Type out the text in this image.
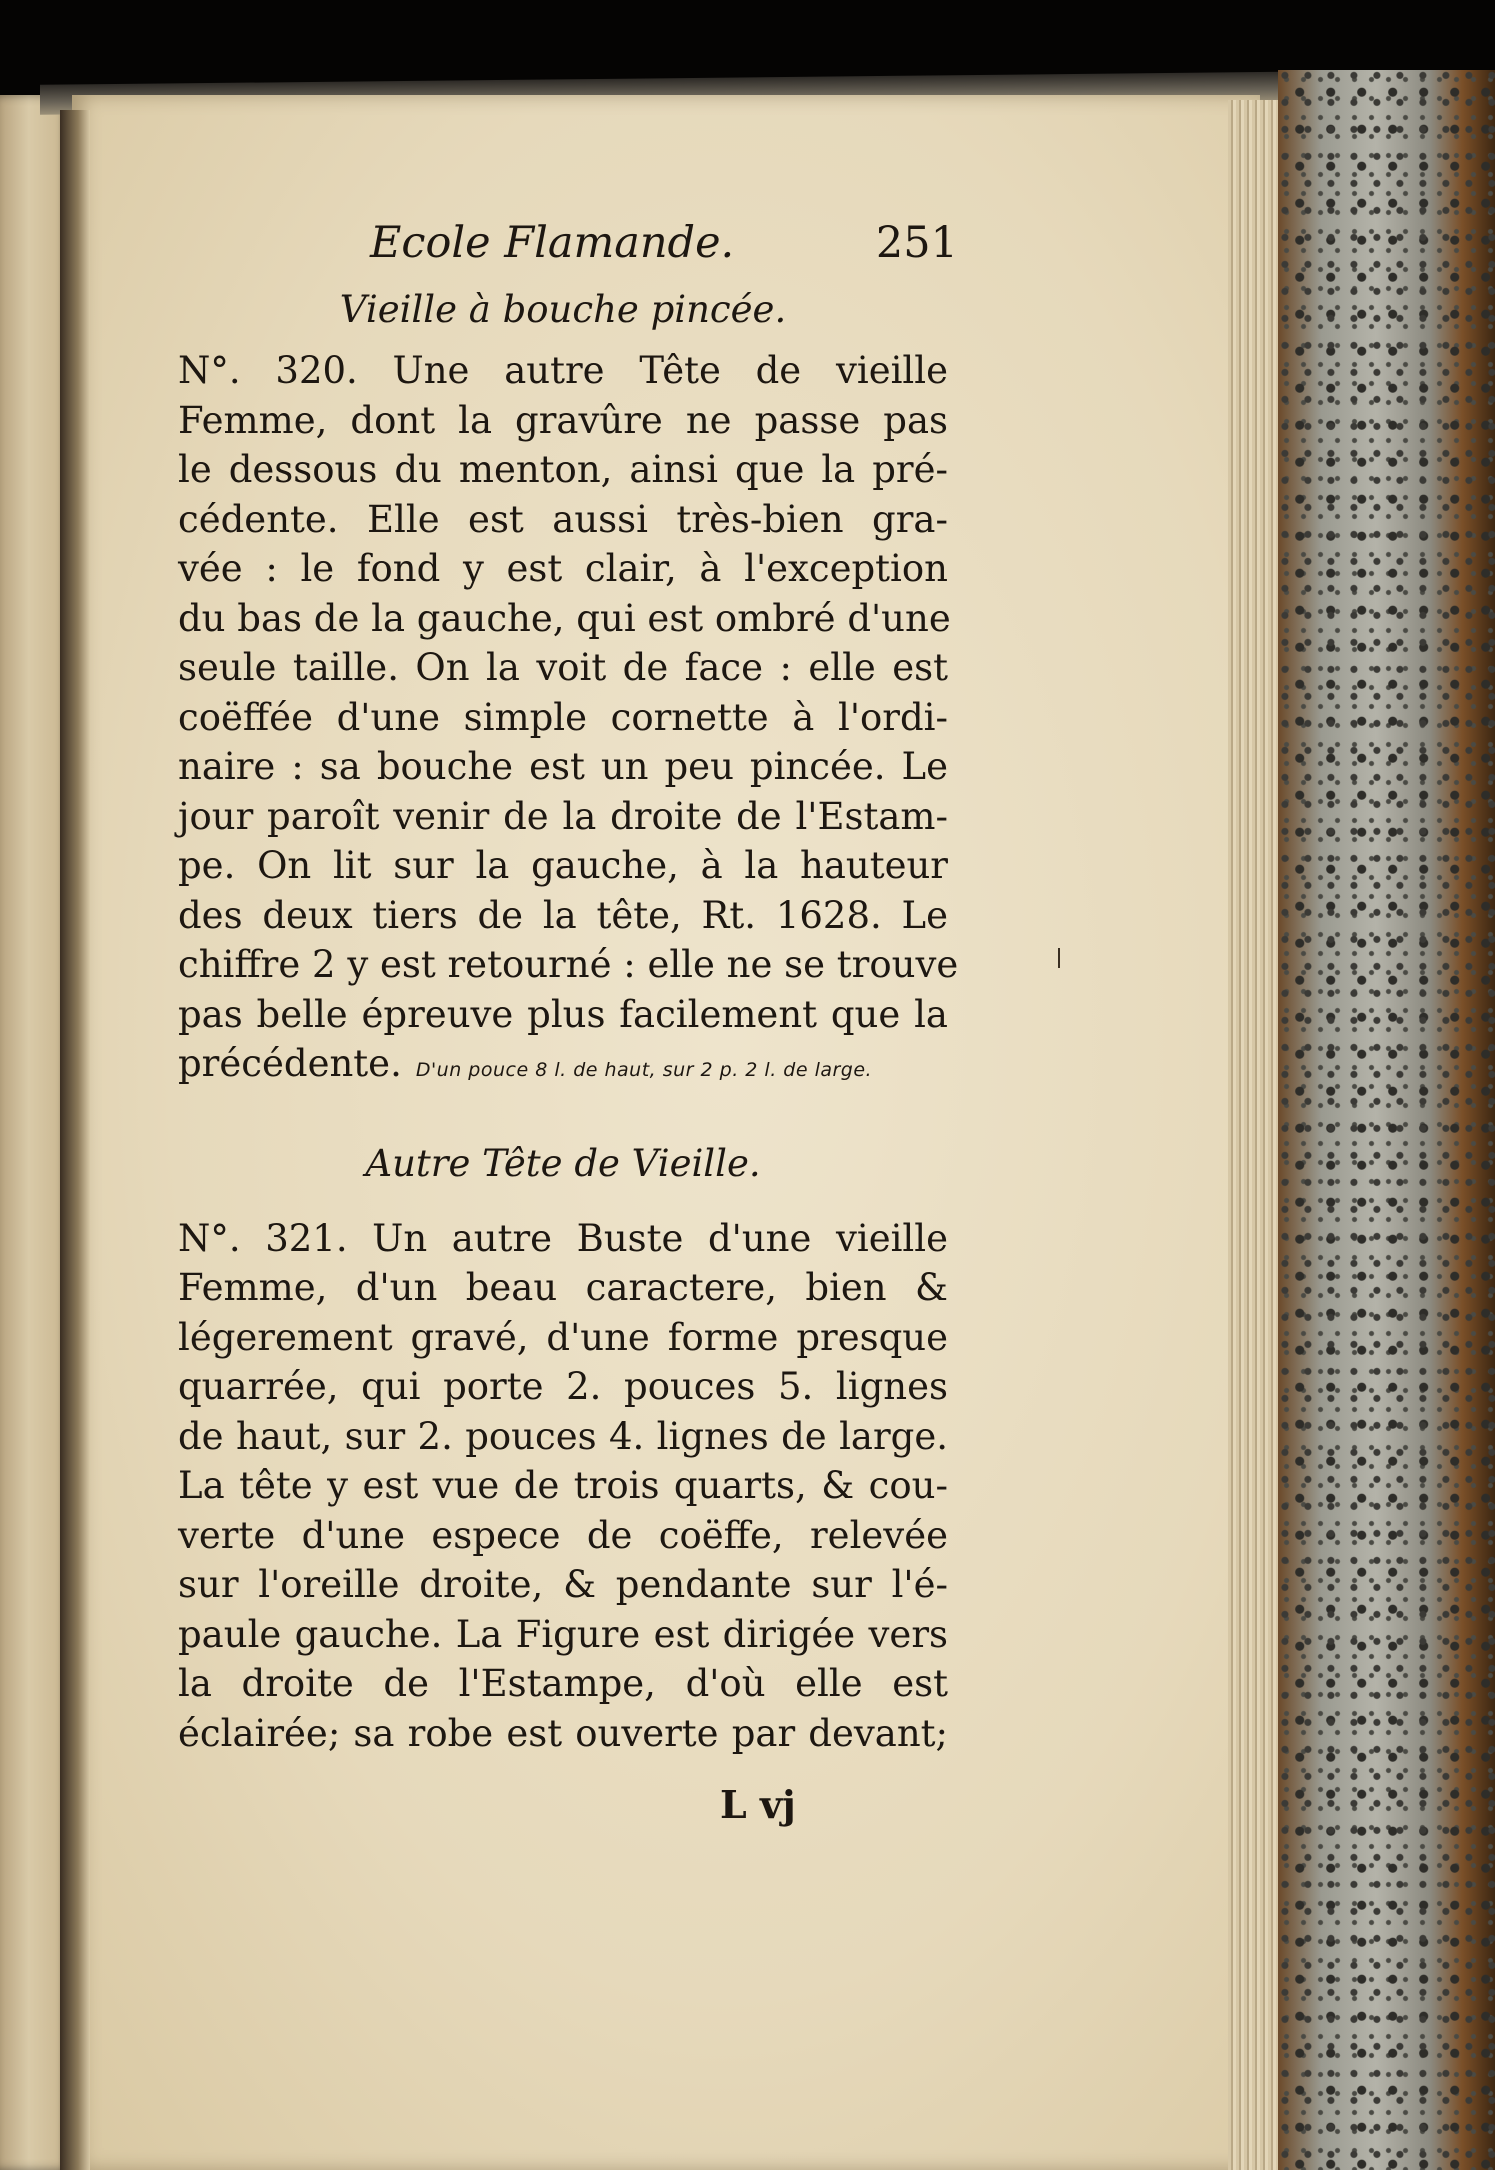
Ecole Flamande.	251
Vieille à bouche pincée.

N°. 320. Une autre Tête de vieille
Femme, dont la gravûre ne passe pas
le dessous du menton, ainsi que la pré-
cédente. Elle est aussi très-bien gra-
vée : le fond y est clair, à l'exception
du bas de la gauche, qui est ombré d'une
seule taille. On la voit de face : elle est
coëffée d'une simple cornette à l'ordi-
naire : sa bouche est un peu pincée. Le
jour paroît venir de la droite de l'Estam-
pe. On lit sur la gauche, à la hauteur
des deux tiers de la tête, Rt. 1628. Le
chiffre 2 y est retourné : elle ne se trouve
pas belle épreuve plus facilement que la
précédente. D'un pouce 8 l. de haut, sur 2 p. 2 l. de large.

Autre Tête de Vieille.

N°. 321. Un autre Buste d'une vieille
Femme, d'un beau caractere, bien &
légerement gravé, d'une forme presque
quarrée, qui porte 2. pouces 5. lignes
de haut, sur 2. pouces 4. lignes de large.
La tête y est vue de trois quarts, & cou-
verte d'une espece de coëffe, relevée
sur l'oreille droite, & pendante sur l'é-
paule gauche. La Figure est dirigée vers
la droite de l'Estampe, d'où elle est
éclairée; sa robe est ouverte par devant;

L vj
